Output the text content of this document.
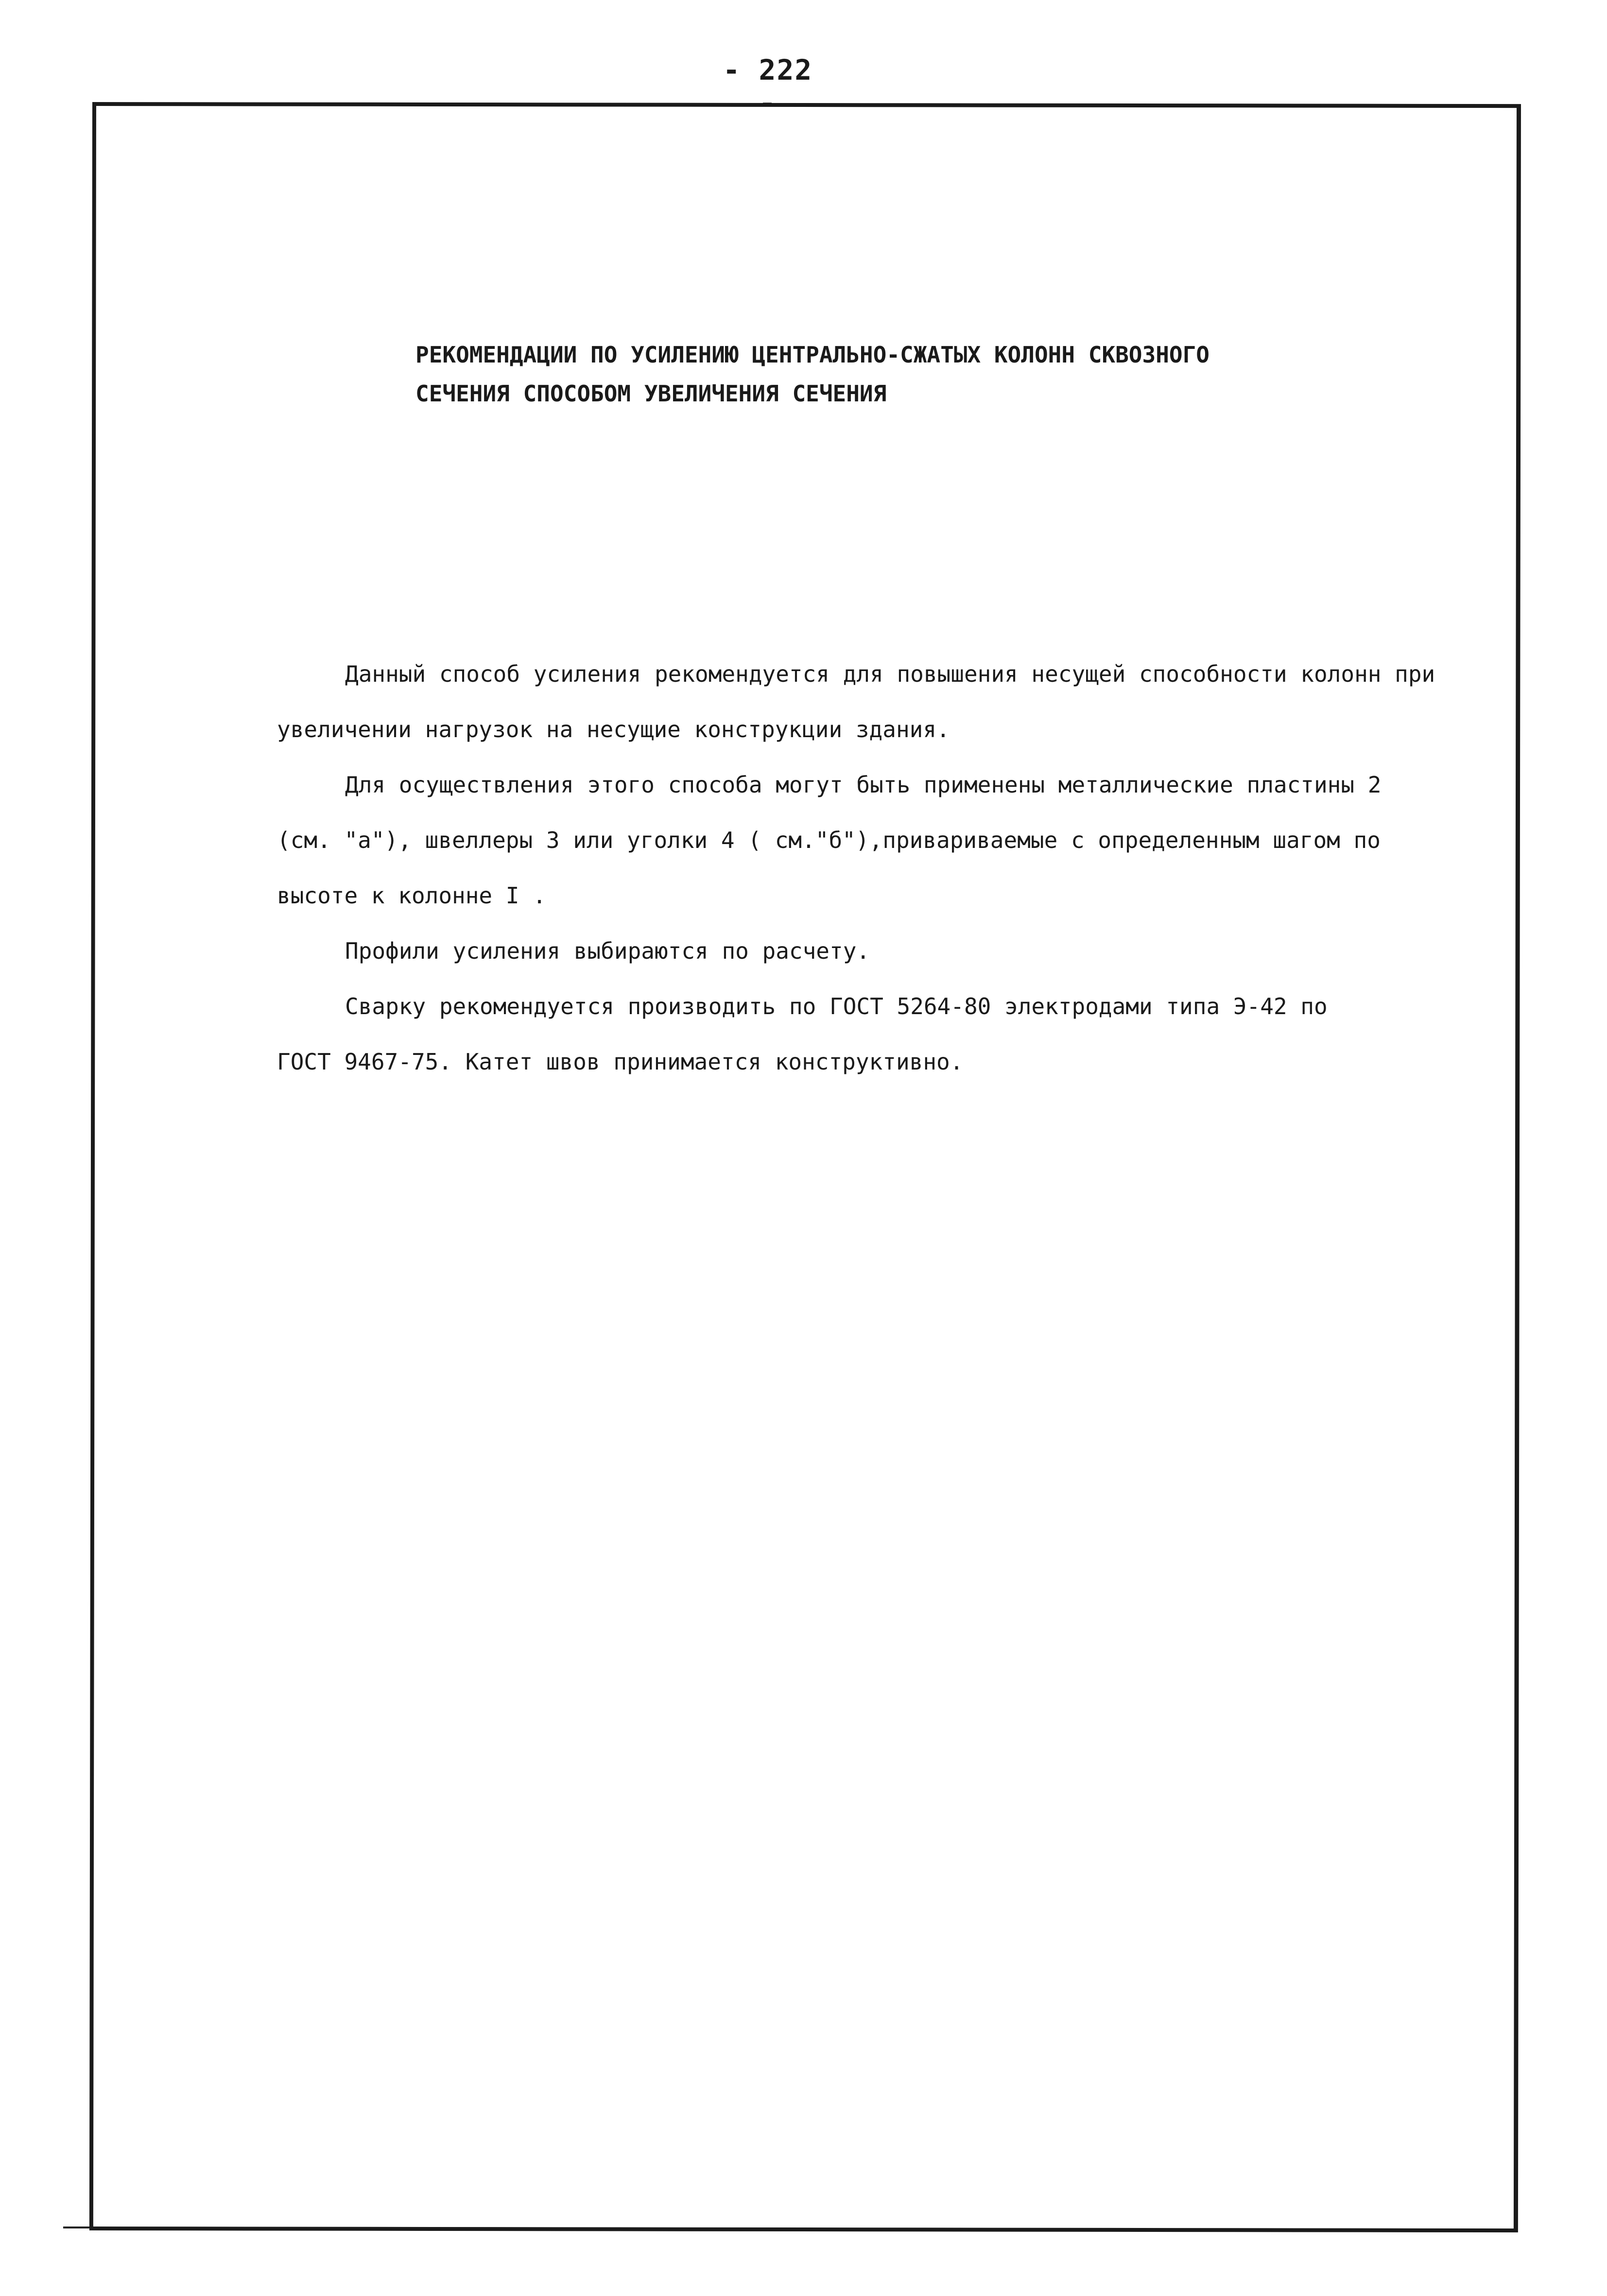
- 222 -
РЕКОМЕНДАЦИИ ПО УСИЛЕНИЮ ЦЕНТРАЛЬНО-СЖАТЫХ КОЛОНН СКВОЗНОГО
СЕЧЕНИЯ СПОСОБОМ УВЕЛИЧЕНИЯ СЕЧЕНИЯ
Данный способ усиления рекомендуется для повышения несущей способности колонн при
увеличении нагрузок на несущие конструкции здания.
Для осуществления этого способа могут быть применены металлические пластины 2
(см. "а"), швеллеры 3 или уголки 4 ( см."б"),привариваемые с определенным шагом по
высоте к колонне I .
Профили усиления выбираются по расчету.
Сварку рекомендуется производить по ГОСТ 5264-80 электродами типа Э-42 по
ГОСТ 9467-75. Катет швов принимается конструктивно.
